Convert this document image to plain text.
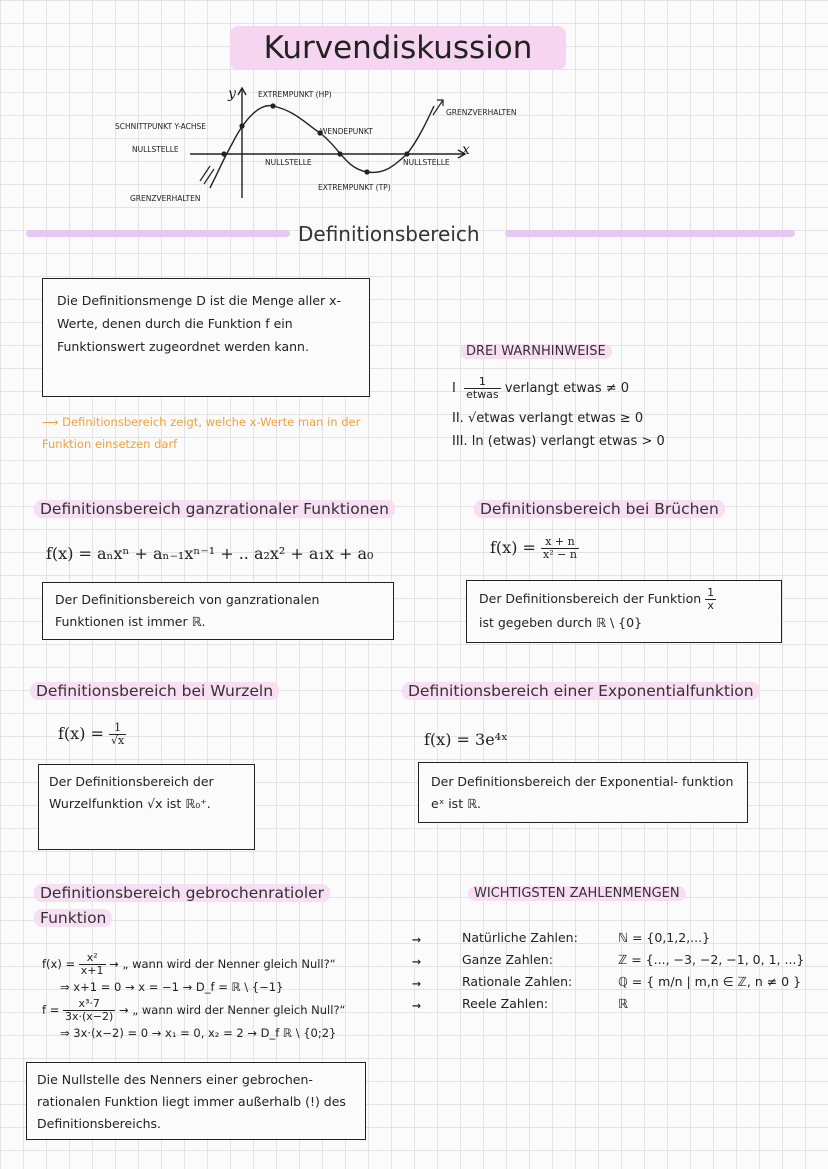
Kurvendiskussion
y
x
EXTREMPUNKT (HP)
GRENZVERHALTEN
SCHNITTPUNKT Y-ACHSE
WENDEPUNKT
NULLSTELLE
NULLSTELLE	NULLSTELLE
EXTREMPUNKT (TP)
GRENZVERHALTEN
Definitionsbereich
Die Definitionsmenge D ist die Menge aller x-Werte, denen durch die Funktion f ein Funktionswert zugeordnet werden kann.
⟶ Definitionsbereich zeigt, welche x-Werte man in der Funktion einsetzen darf
DREI WARNHINWEISE
I $\frac{1}{\text{etwas}}$ verlangt etwas ≠ 0
II. √etwas verlangt etwas ≥ 0
III. ln (etwas) verlangt etwas > 0
Definitionsbereich ganzrationaler Funktionen
f(x) = aₙxⁿ + aₙ₋₁xⁿ⁻¹ + .. a₂x² + a₁x + a₀
Der Definitionsbereich von ganzrationalen Funktionen ist immer ℝ.
Definitionsbereich bei Brüchen
$f(x) = \frac{x + n}{\text{x² − n}}$
Der Definitionsbereich der Funktion $\frac{1}{x}$

ist gegeben durch ℝ \ {0}
Definitionsbereich bei Wurzeln
$f(x) = \frac{1}{√x}$
Der Definitionsbereich der Wurzelfunktion √x ist ℝ₀⁺.
Definitionsbereich einer Exponentialfunktion
f(x) = 3e⁴ˣ
Der Definitionsbereich der Exponential- funktion eˣ ist ℝ.
Definitionsbereich gebrochenratioler
Funktion
$f(x) = \frac{\text{x²}}{x+1}$ → „ wann wird der Nenner gleich Null?“
⇒ x+1 = 0 → x = −1 → D_f = ℝ \ {−1}
$f = \frac{\text{x³·7}}{3x\cdot(x-2)}$ → „ wann wird der Nenner gleich Null?“
⇒ 3x·(x−2) = 0 → x₁ = 0, x₂ = 2 → D_f ℝ \ {0;2}
Die Nullstelle des Nenners einer gebrochen- rationalen Funktion liegt immer außerhalb (!) des Definitionsbereichs.
WICHTIGSTEN ZAHLENMENGEN
→	Natürliche Zahlen:	ℕ = {0,1,2,...}
→	Ganze Zahlen:	ℤ = {..., −3, −2, −1, 0, 1, ...}
→	Rationale Zahlen:	ℚ = { m/n | m,n ∈ ℤ, n ≠ 0 }
→	Reele Zahlen:	ℝ
